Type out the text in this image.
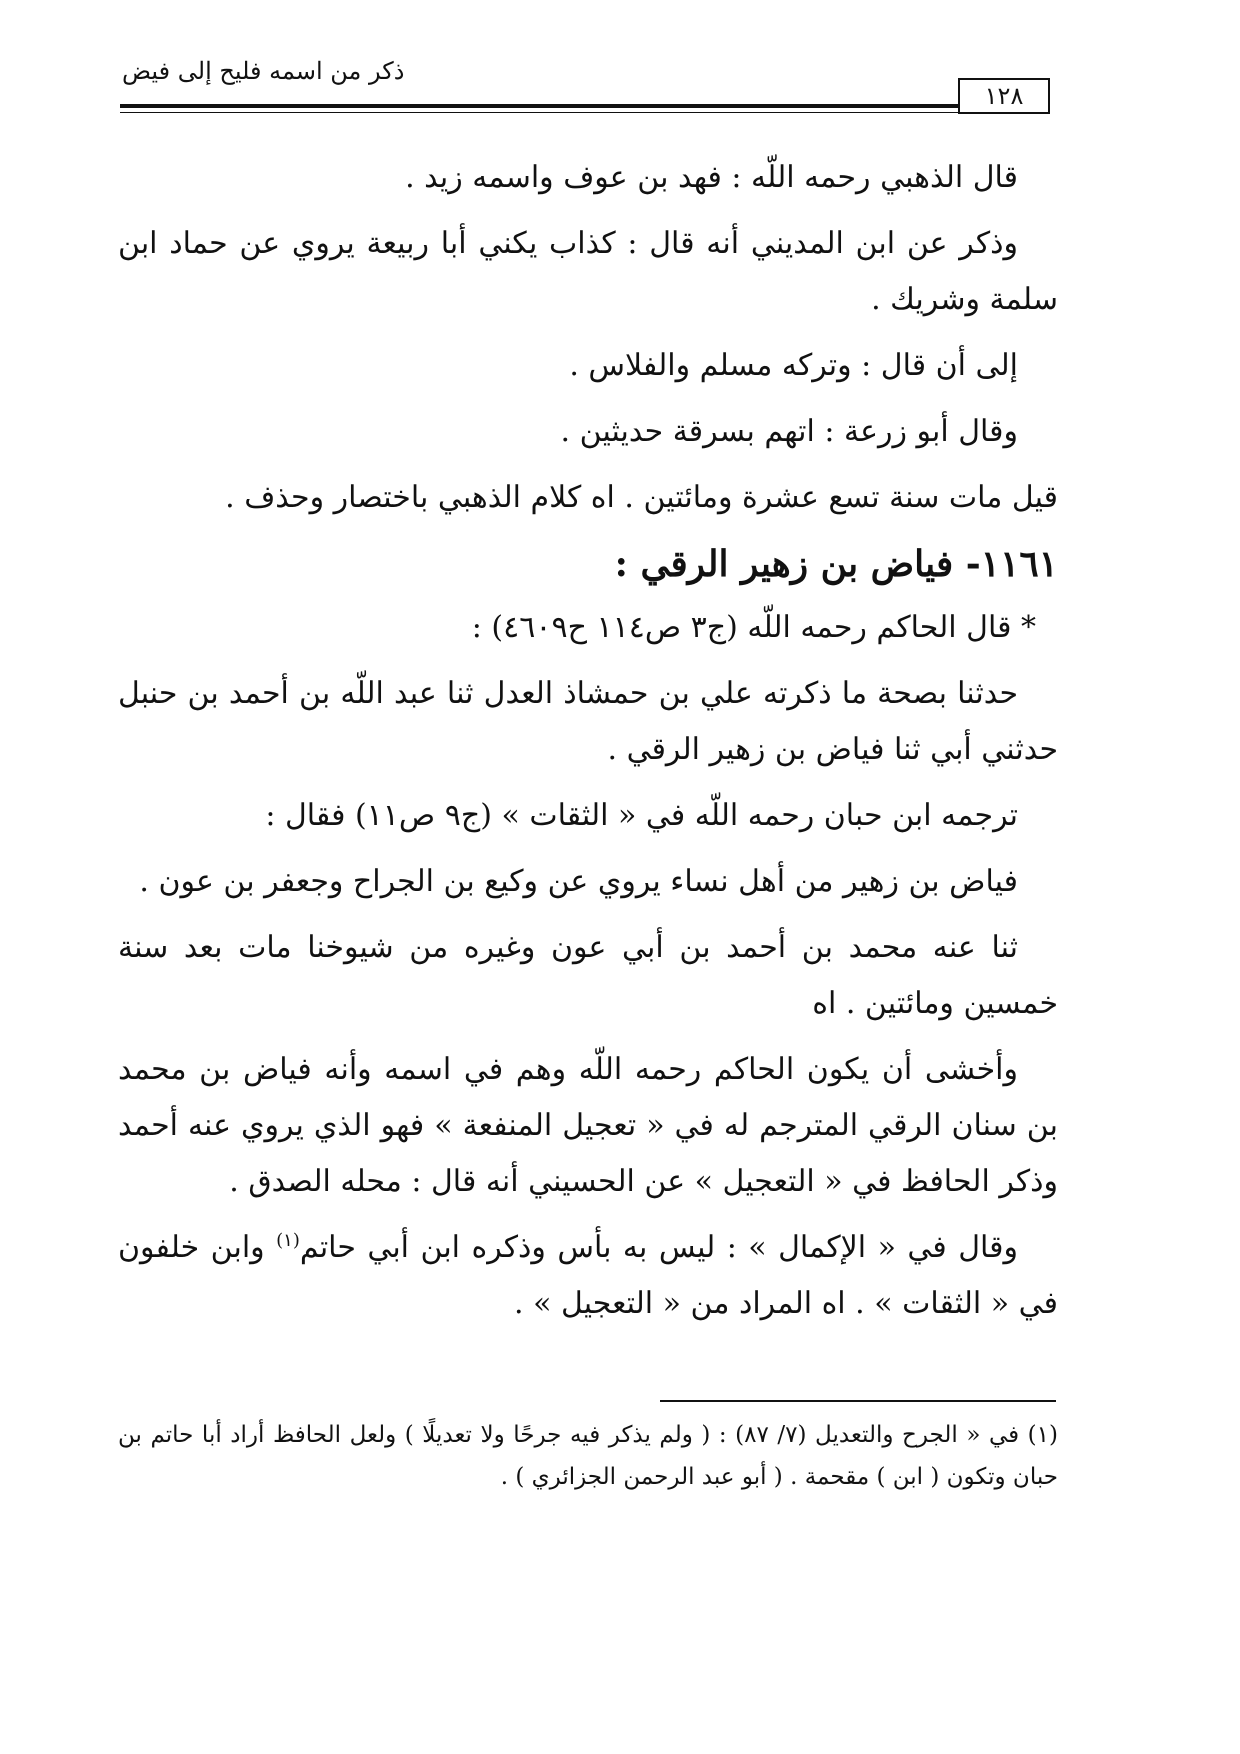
ذكر من اسمه فليح إلى فيض
١٢٨

قال الذهبي رحمه اللّه : فهد بن عوف واسمه زيد .

وذكر عن ابن المديني أنه قال : كذاب يكني أبا ربيعة يروي عن حماد ابن سلمة وشريك .

إلى أن قال : وتركه مسلم والفلاس .

وقال أبو زرعة : اتهم بسرقة حديثين .

قيل مات سنة تسع عشرة ومائتين . اه كلام الذهبي باختصار وحذف .

١١٦١- فياض بن زهير الرقي :

* قال الحاكم رحمه اللّه (ج٣ ص١١٤ ح٤٦٠٩) :

حدثنا بصحة ما ذكرته علي بن حمشاذ العدل ثنا عبد اللّه بن أحمد بن حنبل حدثني أبي ثنا فياض بن زهير الرقي .

ترجمه ابن حبان رحمه اللّه في « الثقات » (ج٩ ص١١) فقال :

فياض بن زهير من أهل نساء يروي عن وكيع بن الجراح وجعفر بن عون .

ثنا عنه محمد بن أحمد بن أبي عون وغيره من شيوخنا مات بعد سنة خمسين ومائتين . اه

وأخشى أن يكون الحاكم رحمه اللّه وهم في اسمه وأنه فياض بن محمد بن سنان الرقي المترجم له في « تعجيل المنفعة » فهو الذي يروي عنه أحمد وذكر الحافظ في « التعجيل » عن الحسيني أنه قال : محله الصدق .

وقال في « الإكمال » : ليس به بأس وذكره ابن أبي حاتم$^{(١)}$ وابن خلفون في « الثقات » . اه المراد من « التعجيل » .

(١) في « الجرح والتعديل (٧/ ٨٧) : ( ولم يذكر فيه جرحًا ولا تعديلًا ) ولعل الحافظ أراد أبا حاتم بن حبان وتكون ( ابن ) مقحمة . ( أبو عبد الرحمن الجزائري ) .
